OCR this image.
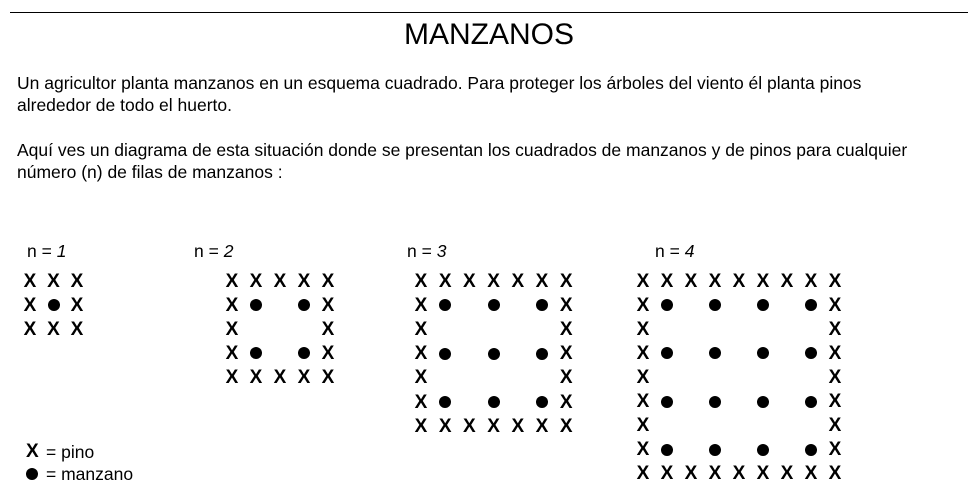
MANZANOS
Un agricultor planta manzanos en un esquema cuadrado. Para proteger los árboles del viento él planta pinos alrededor de todo el huerto.
Aquí ves un diagrama de esta situación donde se presentan los cuadrados de manzanos y de pinos para cualquier número (n) de filas de manzanos :
n = 1	n = 2	n = 3	n = 4
X =
pino
=
manzano
X X X
X X
X X X
X X X X X
X	X
X	X
X	X
X X X X X
X X X X X X X
X	X
X	X
X	X
X	X
X	X
X X X X X X X
X X X X X X X X X
X	X
X	X
X	X
X	X
X	X
X	X
X	X
X X X X X X X X X
